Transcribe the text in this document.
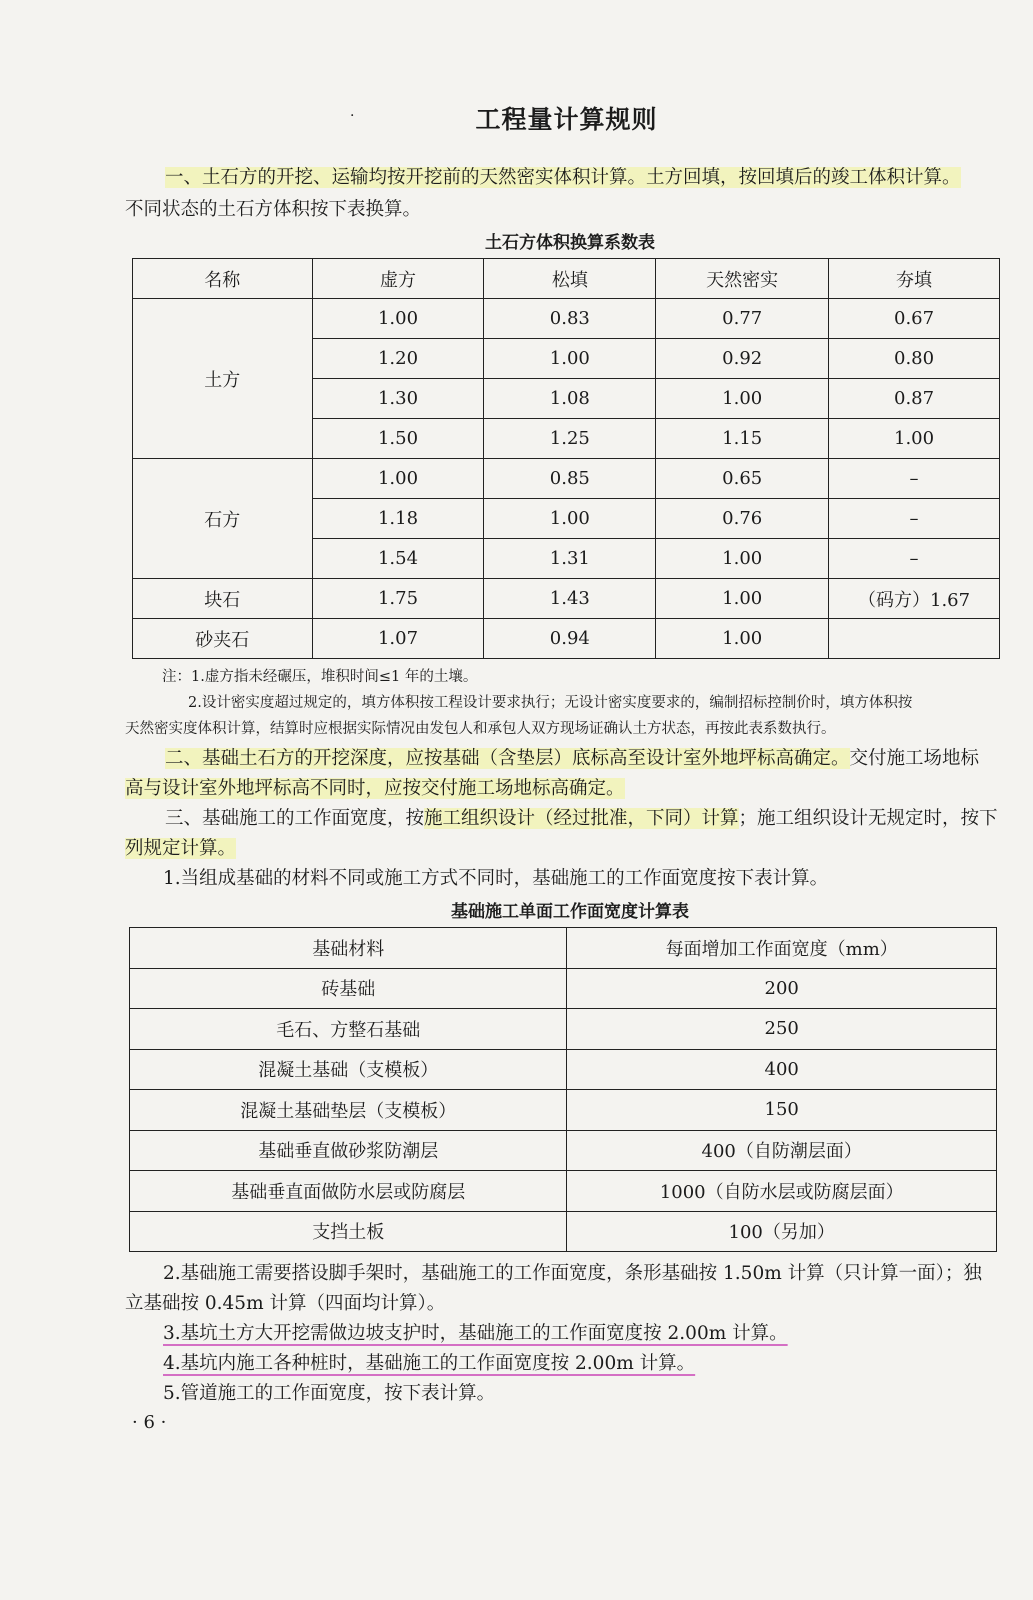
·	工程量计算规则
一、土石方的开挖、运输均按开挖前的天然密实体积计算。土方回填，按回填后的竣工体积计算。
不同状态的土石方体积按下表换算。
土石方体积换算系数表
名称	虚方	松填	天然密实	夯填
土方	1.00	0.83	0.77	0.67
	1.20	1.00	0.92	0.80
	1.30	1.08	1.00	0.87
	1.50	1.25	1.15	1.00
石方	1.00	0.85	0.65	–
	1.18	1.00	0.76	–
	1.54	1.31	1.00	–
块石	1.75	1.43	1.00	（码方）1.67
砂夹石	1.07	0.94	1.00	
注：1.虚方指未经碾压，堆积时间≤1 年的土壤。
2.设计密实度超过规定的，填方体积按工程设计要求执行；无设计密实度要求的，编制招标控制价时，填方体积按
天然密实度体积计算，结算时应根据实际情况由发包人和承包人双方现场证确认土方状态，再按此表系数执行。
二、基础土石方的开挖深度，应按基础（含垫层）底标高至设计室外地坪标高确定。交付施工场地标
高与设计室外地坪标高不同时，应按交付施工场地标高确定。
三、基础施工的工作面宽度，按施工组织设计（经过批准，下同）计算；施工组织设计无规定时，按下
列规定计算。
1.当组成基础的材料不同或施工方式不同时，基础施工的工作面宽度按下表计算。
基础施工单面工作面宽度计算表
基础材料	每面增加工作面宽度（mm）
砖基础	200
毛石、方整石基础	250
混凝土基础（支模板）	400
混凝土基础垫层（支模板）	150
基础垂直做砂浆防潮层	400（自防潮层面）
基础垂直面做防水层或防腐层	1000（自防水层或防腐层面）
支挡土板	100（另加）
2.基础施工需要搭设脚手架时，基础施工的工作面宽度，条形基础按 1.50m 计算（只计算一面）；独
立基础按 0.45m 计算（四面均计算）。
3.基坑土方大开挖需做边坡支护时，基础施工的工作面宽度按 2.00m 计算。
4.基坑内施工各种桩时，基础施工的工作面宽度按 2.00m 计算。
5.管道施工的工作面宽度，按下表计算。
· 6 ·
